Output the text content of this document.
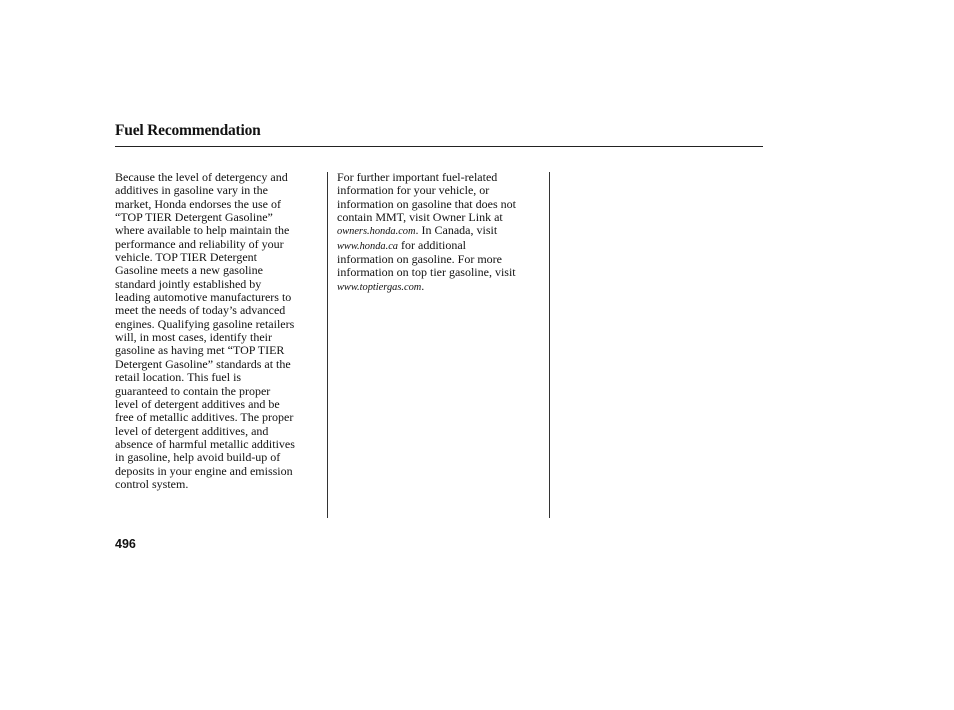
Fuel Recommendation
Because the level of detergency and
additives in gasoline vary in the
market, Honda endorses the use of
“TOP TIER Detergent Gasoline”
where available to help maintain the
performance and reliability of your
vehicle. TOP TIER Detergent
Gasoline meets a new gasoline
standard jointly established by
leading automotive manufacturers to
meet the needs of today’s advanced
engines. Qualifying gasoline retailers
will, in most cases, identify their
gasoline as having met “TOP TIER
Detergent Gasoline” standards at the
retail location. This fuel is
guaranteed to contain the proper
level of detergent additives and be
free of metallic additives. The proper
level of detergent additives, and
absence of harmful metallic additives
in gasoline, help avoid build-up of
deposits in your engine and emission
control system.
For further important fuel-related
information for your vehicle, or
information on gasoline that does not
contain MMT, visit Owner Link at
owners.honda.com. In Canada, visit
www.honda.ca for additional
information on gasoline. For more
information on top tier gasoline, visit
www.toptiergas.com.

496
